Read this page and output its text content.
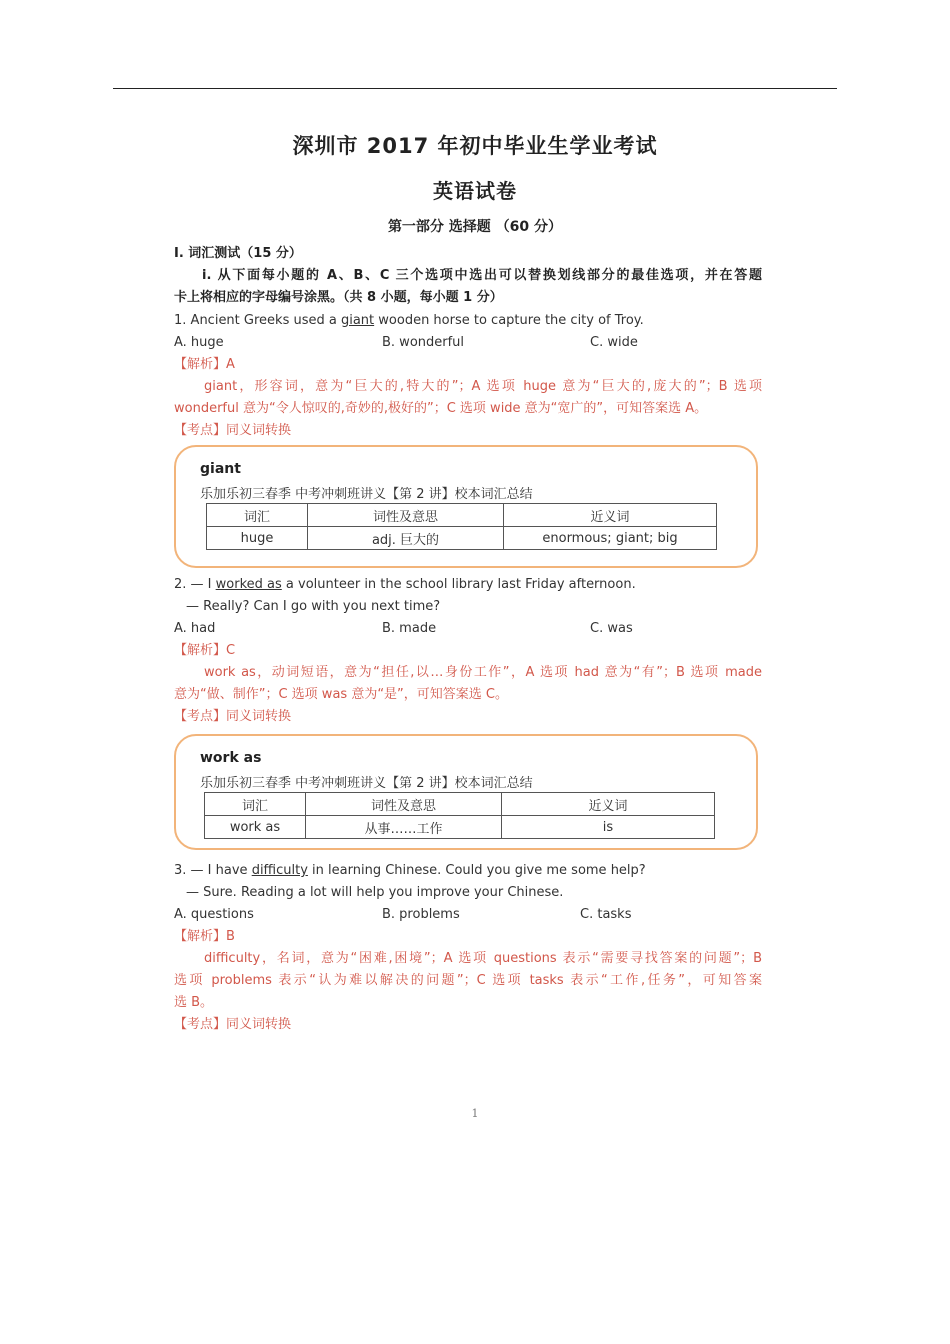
深圳市 2017 年初中毕业生学业考试
英语试卷
第一部分 选择题 （60 分）
I. 词汇测试（15 分）
i. 从下面每小题的 A、B、C 三个选项中选出可以替换划线部分的最佳选项，并在答题
卡上将相应的字母编号涂黑。（共 8 小题，每小题 1 分）
1. Ancient Greeks used a giant wooden horse to capture the city of Troy.
A. huge	B. wonderful	C. wide
【解析】A
giant，形容词，意为“巨大的,特大的”；A 选项 huge 意为“巨大的,庞大的”；B 选项
wonderful 意为“令人惊叹的,奇妙的,极好的”；C 选项 wide 意为“宽广的”，可知答案选 A。
【考点】同义词转换
giant
乐加乐初三春季 中考冲刺班讲义【第 2 讲】校本词汇总结
词汇	词性及意思	近义词
huge	adj. 巨大的	enormous; giant; big
2. — I worked as a volunteer in the school library last Friday afternoon.
— Really? Can I go with you next time?
A. had	B. made	C. was
【解析】C
work as，动词短语，意为“担任,以…身份工作”，A 选项 had 意为“有”；B 选项 made
意为“做、制作”；C 选项 was 意为“是”，可知答案选 C。
【考点】同义词转换
work as
乐加乐初三春季 中考冲刺班讲义【第 2 讲】校本词汇总结
词汇	词性及意思	近义词
work as	从事……工作	is
3. — I have difficulty in learning Chinese. Could you give me some help?
— Sure. Reading a lot will help you improve your Chinese.
A. questions	B. problems	C. tasks
【解析】B
difficulty，名词，意为“困难,困境”；A 选项 questions 表示“需要寻找答案的问题”；B
选项 problems 表示“认为难以解决的问题”；C 选项 tasks 表示“工作,任务”，可知答案
选 B。
【考点】同义词转换
1
